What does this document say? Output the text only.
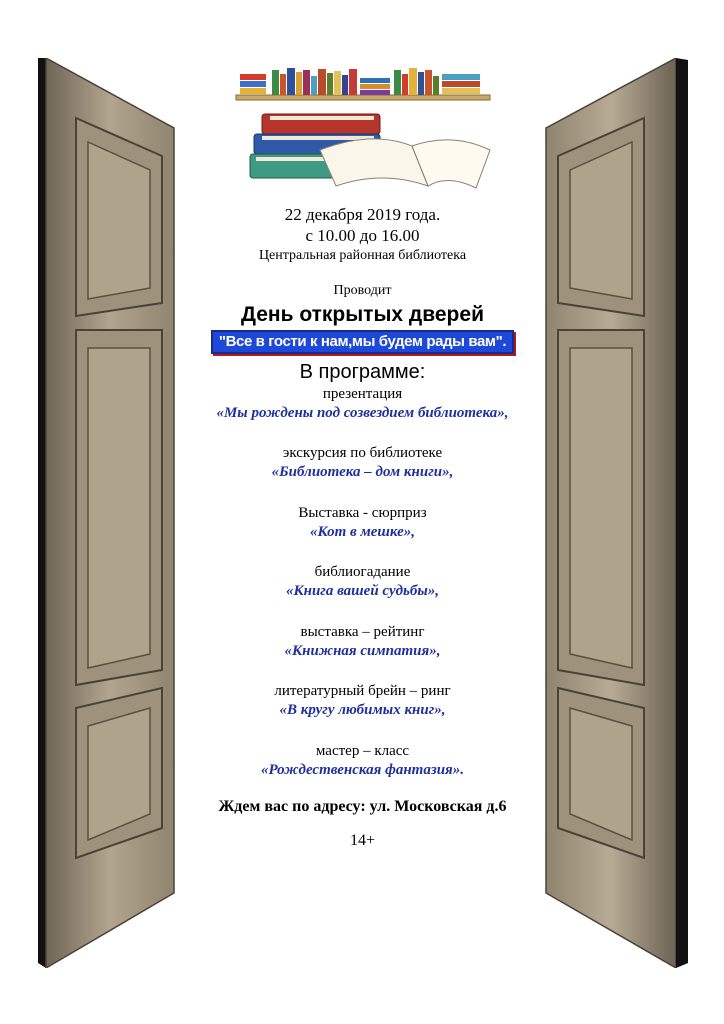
22 декабря 2019 года.
с 10.00 до 16.00
Центральная районная библиотека
Проводит
День открытых дверей
"Все в гости к нам,мы будем рады вам".
В программе:
презентация
«Мы рождены под созвездием библиотека»,
экскурсия по библиотеке
«Библиотека – дом книги»,
Выставка - сюрприз
«Кот в мешке»,
библиогадание
«Книга вашей судьбы»,
выставка – рейтинг
«Книжная симпатия»,
литературный брейн – ринг
«В кругу любимых книг»,
мастер – класс
«Рождественская фантазия».
Ждем вас по адресу: ул. Московская д.6
14+
